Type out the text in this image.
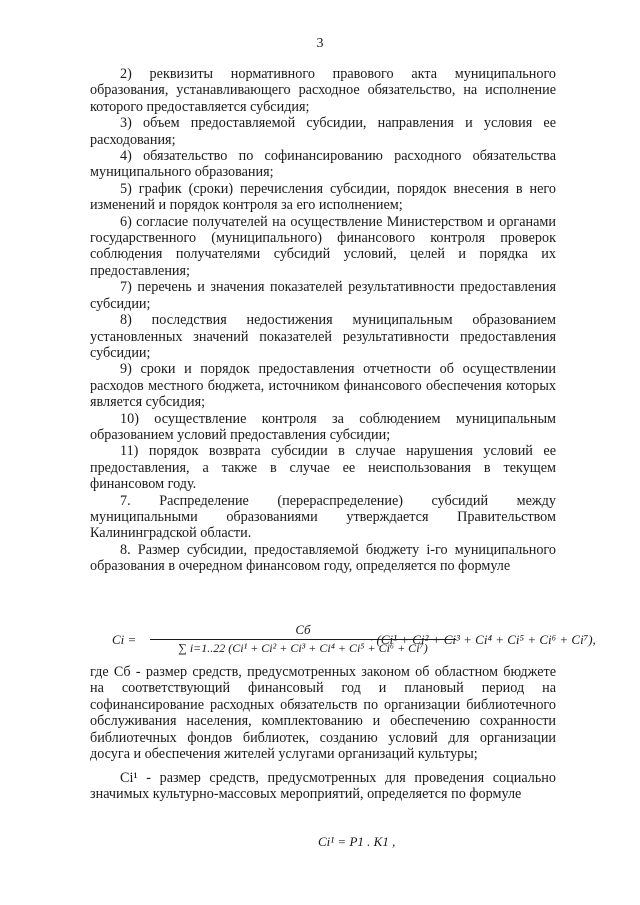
3

2) реквизиты нормативного правового акта муниципального образования, устанавливающего расходное обязательство, на исполнение которого предоставляется субсидия;

3) объем предоставляемой субсидии, направления и условия ее расходования;

4) обязательство по софинансированию расходного обязательства муниципального образования;

5) график (сроки) перечисления субсидии, порядок внесения в него изменений и порядок контроля за его исполнением;

6) согласие получателей на осуществление Министерством и органами государственного (муниципального) финансового контроля проверок соблюдения получателями субсидий условий, целей и порядка их предоставления;

7) перечень и значения показателей результативности предоставления субсидии;

8) последствия недостижения муниципальным образованием установленных значений показателей результативности предоставления субсидии;

9) сроки и порядок предоставления отчетности об осуществлении расходов местного бюджета, источником финансового обеспечения которых является субсидия;

10) осуществление контроля за соблюдением муниципальным образованием условий предоставления субсидии;

11) порядок возврата субсидии в случае нарушения условий ее предоставления, а также в случае ее неиспользования в текущем финансовом году.

7. Распределение (перераспределение) субсидий между муниципальными образованиями утверждается Правительством Калининградской области.

8. Размер субсидии, предоставляемой бюджету i-го муниципального образования в очередном финансовом году, определяется по формуле

Ci =
Cб
∑ i=1..22 (Ci¹ + Ci² + Ci³ + Ci⁴ + Ci⁵ + Ci⁶ + Ci⁷)
· (Ci¹ + Ci² + Ci³ + Ci⁴ + Ci⁵ + Ci⁶ + Ci⁷),

где Cб - размер средств, предусмотренных законом об областном бюджете на соответствующий финансовый год и плановый период на софинансирование расходных обязательств по организации библиотечного обслуживания населения, комплектованию и обеспечению сохранности библиотечных фондов библиотек, созданию условий для организации досуга и обеспечения жителей услугами организаций культуры;

Ci¹ - размер средств, предусмотренных для проведения социально значимых культурно-массовых мероприятий, определяется по формуле

Ci¹ = P1 . K1 ,
